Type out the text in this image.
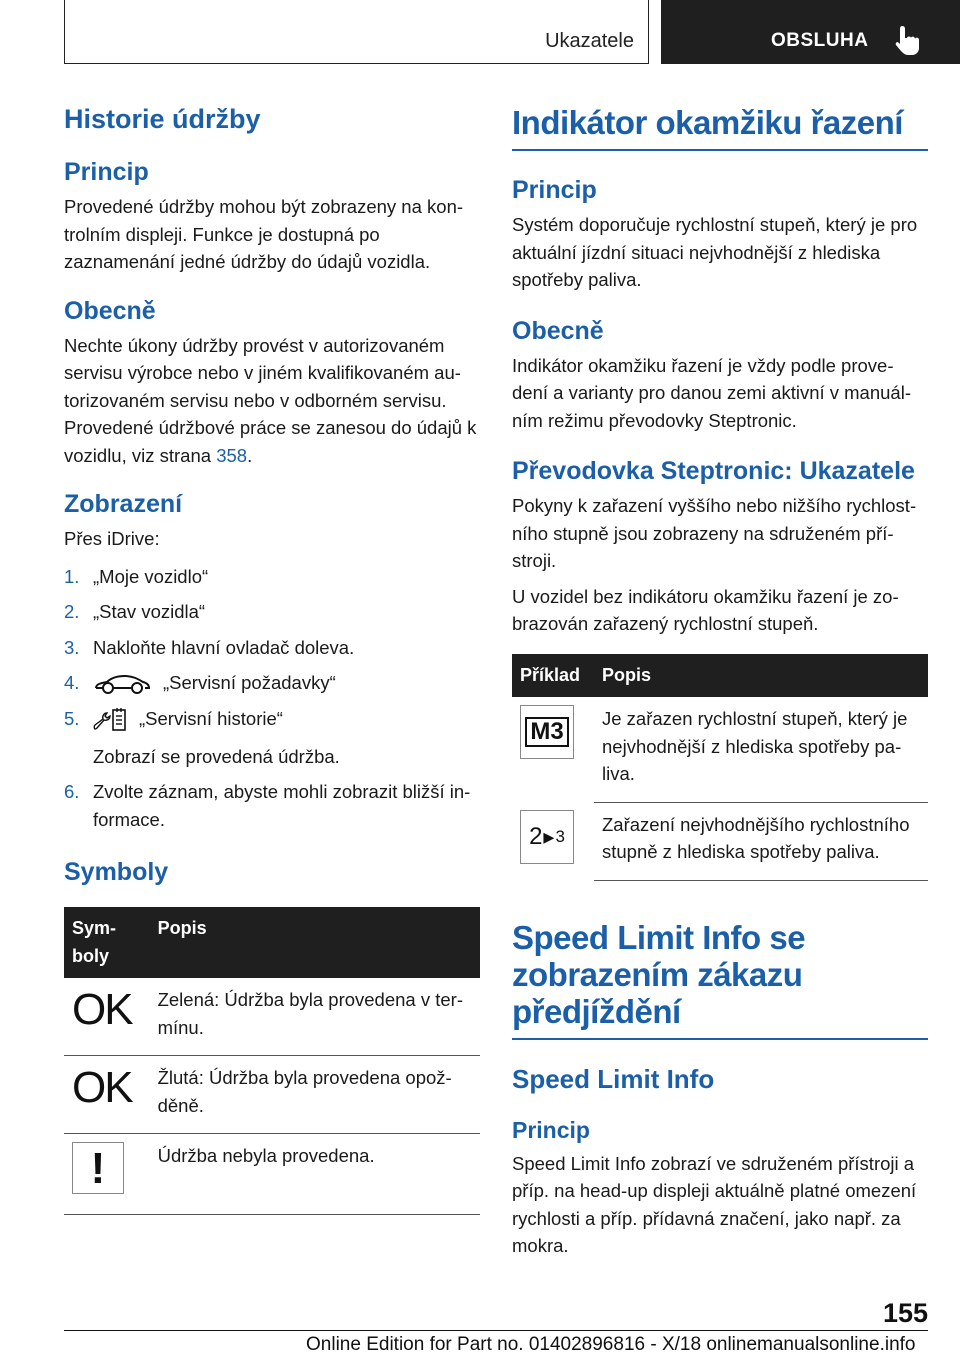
Ukazatele	OBSLUHA
Historie údržby
Princip

Provedené údržby mohou být zobrazeny na kon-trolním displeji. Funkce je dostupná po zaznamenání jedné údržby do údajů vozidla.

Obecně

Nechte úkony údržby provést v autorizovaném servisu výrobce nebo v jiném kvalifikovaném au-torizovaném servisu nebo v odborném servisu.

Provedené údržbové práce se zanesou do údajů k vozidlu, viz strana 358.

Zobrazení

Přes iDrive:

1. „Moje vozidlo“
2. „Stav vozidla“
3. Nakloňte hlavní ovladač doleva.
4.	„Servisní požadavky“
5.	„Servisní historie“
Zobrazí se provedená údržba.
6. Zvolte záznam, abyste mohli zobrazit bližší in-formace.
Symboly
Sym-boly	Popis
OK	Zelená: Údržba byla provedena v ter-mínu.
OK	Žlutá: Údržba byla provedena opož-děně.

!	Údržba nebyla provedena.
Indikátor okamžiku řazení
Princip

Systém doporučuje rychlostní stupeň, který je pro aktuální jízdní situaci nejvhodnější z hlediska spotřeby paliva.

Obecně

Indikátor okamžiku řazení je vždy podle prove-dení a varianty pro danou zemi aktivní v manuál-ním režimu převodovky Steptronic.

Převodovka Steptronic: Ukazatele

Pokyny k zařazení vyššího nebo nižšího rychlost-ního stupně jsou zobrazeny na sdruženém pří-stroji.

U vozidel bez indikátoru okamžiku řazení je zo-brazován zařazený rychlostní stupeň.

Příklad	Popis

M3	Je zařazen rychlostní stupeň, který je nejvhodnější z hlediska spotřeby pa-liva.

2 ▸ 3	Zařazení nejvhodnějšího rychlostního stupně z hlediska spotřeby paliva.
Speed Limit Info se zobrazením zákazu předjíždění
Speed Limit Info
Princip

Speed Limit Info zobrazí ve sdruženém přístroji a příp. na head-up displeji aktuálně platné omezení rychlosti a příp. přídavná značení, jako např. za mokra.

155
Online Edition for Part no. 01402896816 - X/18 onlinemanualsonline.info
